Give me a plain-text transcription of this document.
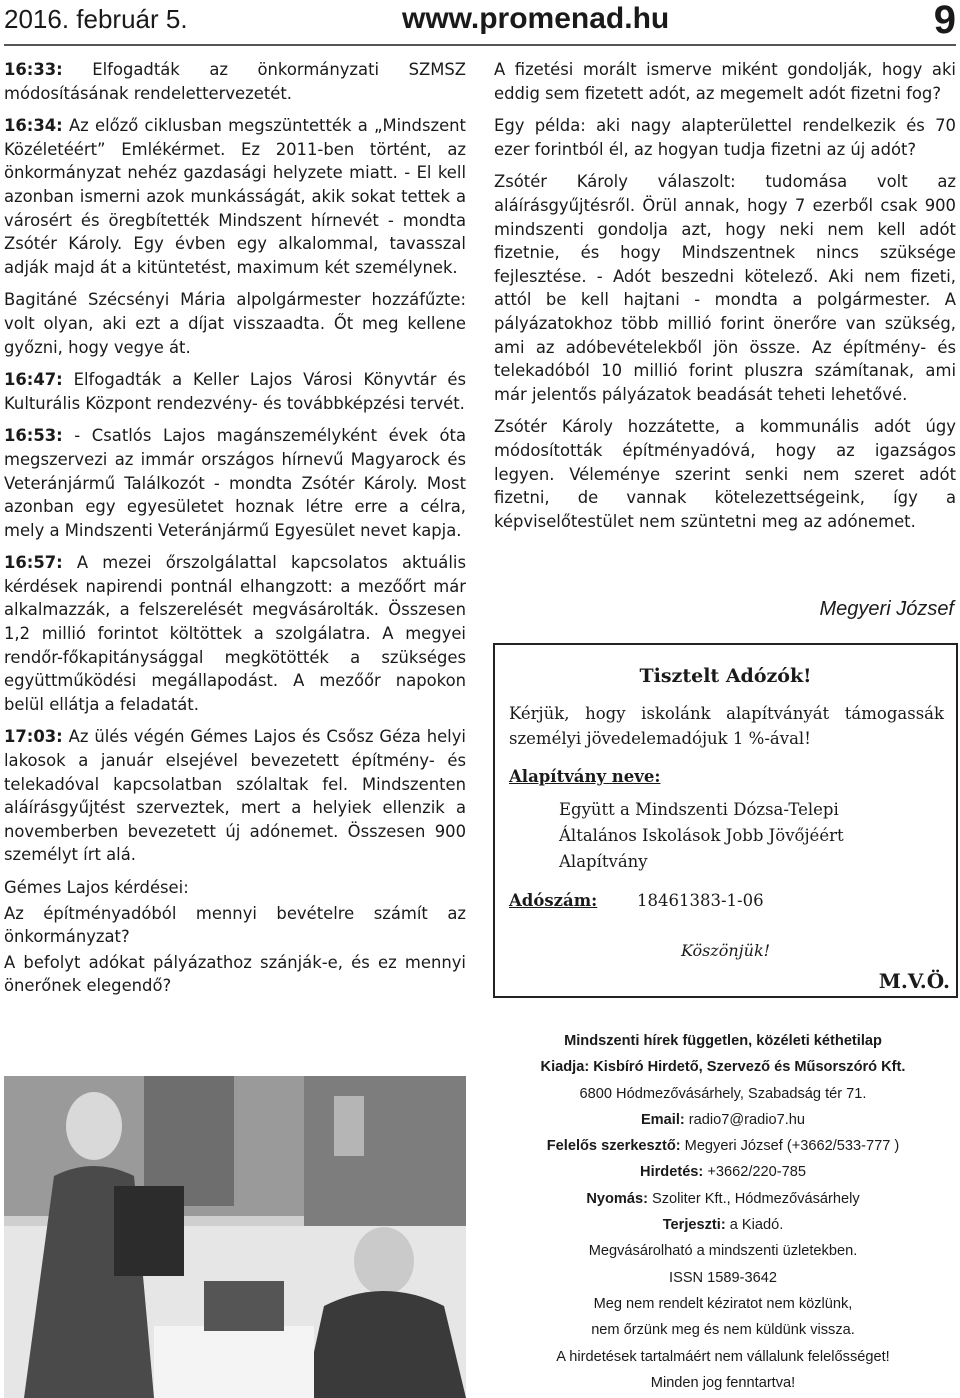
2016. február 5.	www.promenad.hu	9

16:33: Elfogadták az önkormányzati SZMSZ módosításának rendelettervezetét.

16:34: Az előző ciklusban megszüntették a „Mindszent Közéletéért” Emlékérmet. Ez 2011-ben történt, az önkormányzat nehéz gazdasági helyzete miatt. - El kell azonban ismerni azok munkásságát, akik sokat tettek a városért és öregbítették Mindszent hírnevét - mondta Zsótér Károly. Egy évben egy alkalommal, tavasszal adják majd át a kitüntetést, maximum két személynek.

Bagitáné Szécsényi Mária alpolgármester hozzáfűzte: volt olyan, aki ezt a díjat visszaadta. Őt meg kellene győzni, hogy vegye át.

16:47: Elfogadták a Keller Lajos Városi Könyvtár és Kulturális Központ rendezvény- és továbbképzési tervét.

16:53: - Csatlós Lajos magánszemélyként évek óta megszervezi az immár országos hírnevű Magyarock és Veteránjármű Találkozót - mondta Zsótér Károly. Most azonban egy egyesületet hoznak létre erre a célra, mely a Mindszenti Veteránjármű Egyesület nevet kapja.

16:57: A mezei őrszolgálattal kapcsolatos aktuális kérdések napirendi pontnál elhangzott: a mezőőrt már alkalmazzák, a felszerelését megvásárolták. Összesen 1,2 millió forintot költöttek a szolgálatra. A megyei rendőr-főkapitánysággal megkötötték a szükséges együttműködési megállapodást. A mezőőr napokon belül ellátja a feladatát.

17:03: Az ülés végén Gémes Lajos és Csősz Géza helyi lakosok a január elsejével bevezetett építmény- és telekadóval kapcsolatban szólaltak fel. Mindszenten aláírásgyűjtést szerveztek, mert a helyiek ellenzik a novemberben bevezetett új adónemet. Összesen 900 személyt írt alá.

Gémes Lajos kérdései:

Az építményadóból mennyi bevételre számít az önkormányzat?

A befolyt adókat pályázathoz szánják-e, és ez mennyi önerőnek elegendő?

A fizetési morált ismerve miként gondolják, hogy aki eddig sem fizetett adót, az megemelt adót fizetni fog?

Egy példa: aki nagy alapterülettel rendelkezik és 70 ezer forintból él, az hogyan tudja fizetni az új adót?

Zsótér Károly válaszolt: tudomása volt az aláírásgyűjtésről. Örül annak, hogy 7 ezerből csak 900 mindszenti gondolja azt, hogy neki nem kell adót fizetnie, és hogy Mindszentnek nincs szüksége fejlesztése. - Adót beszedni kötelező. Aki nem fizeti, attól be kell hajtani - mondta a polgármester. A pályázatokhoz több millió forint önerőre van szükség, ami az adóbevételekből jön össze. Az építmény- és telekadóból 10 millió forint pluszra számítanak, ami már jelentős pályázatok beadását teheti lehetővé.

Zsótér Károly hozzátette, a kommunális adót úgy módosították építményadóvá, hogy az igazságos legyen. Véleménye szerint senki nem szeret adót fizetni, de vannak kötelezettségeink, így a képviselőtestület nem szüntetni meg az adónemet.

Megyeri József
Tisztelt Adózók!
Kérjük, hogy iskolánk alapítványát támogassák személyi jövedelemadójuk 1 %-ával!
Alapítvány neve:
Együtt a Mindszenti Dózsa-Telepi
Általános Iskolások Jobb Jövőjéért
Alapítvány
Adószám: 18461383-1-06
Köszönjük!
M.V.Ö.
Mindszenti hírek független, közéleti kéthetilap
Kiadja: Kisbíró Hirdető, Szervező és Műsorszóró Kft.
6800 Hódmezővásárhely, Szabadság tér 71.
Email: radio7@radio7.hu
Felelős szerkesztő: Megyeri József (+3662/533-777 )
Hirdetés: +3662/220-785
Nyomás: Szoliter Kft., Hódmezővásárhely
Terjeszti: a Kiadó.
Megvásárolható a mindszenti üzletekben.
ISSN 1589-3642
Meg nem rendelt kéziratot nem közlünk,
nem őrzünk meg és nem küldünk vissza.
A hirdetések tartalmáért nem vállalunk felelősséget!
Minden jog fenntartva!
